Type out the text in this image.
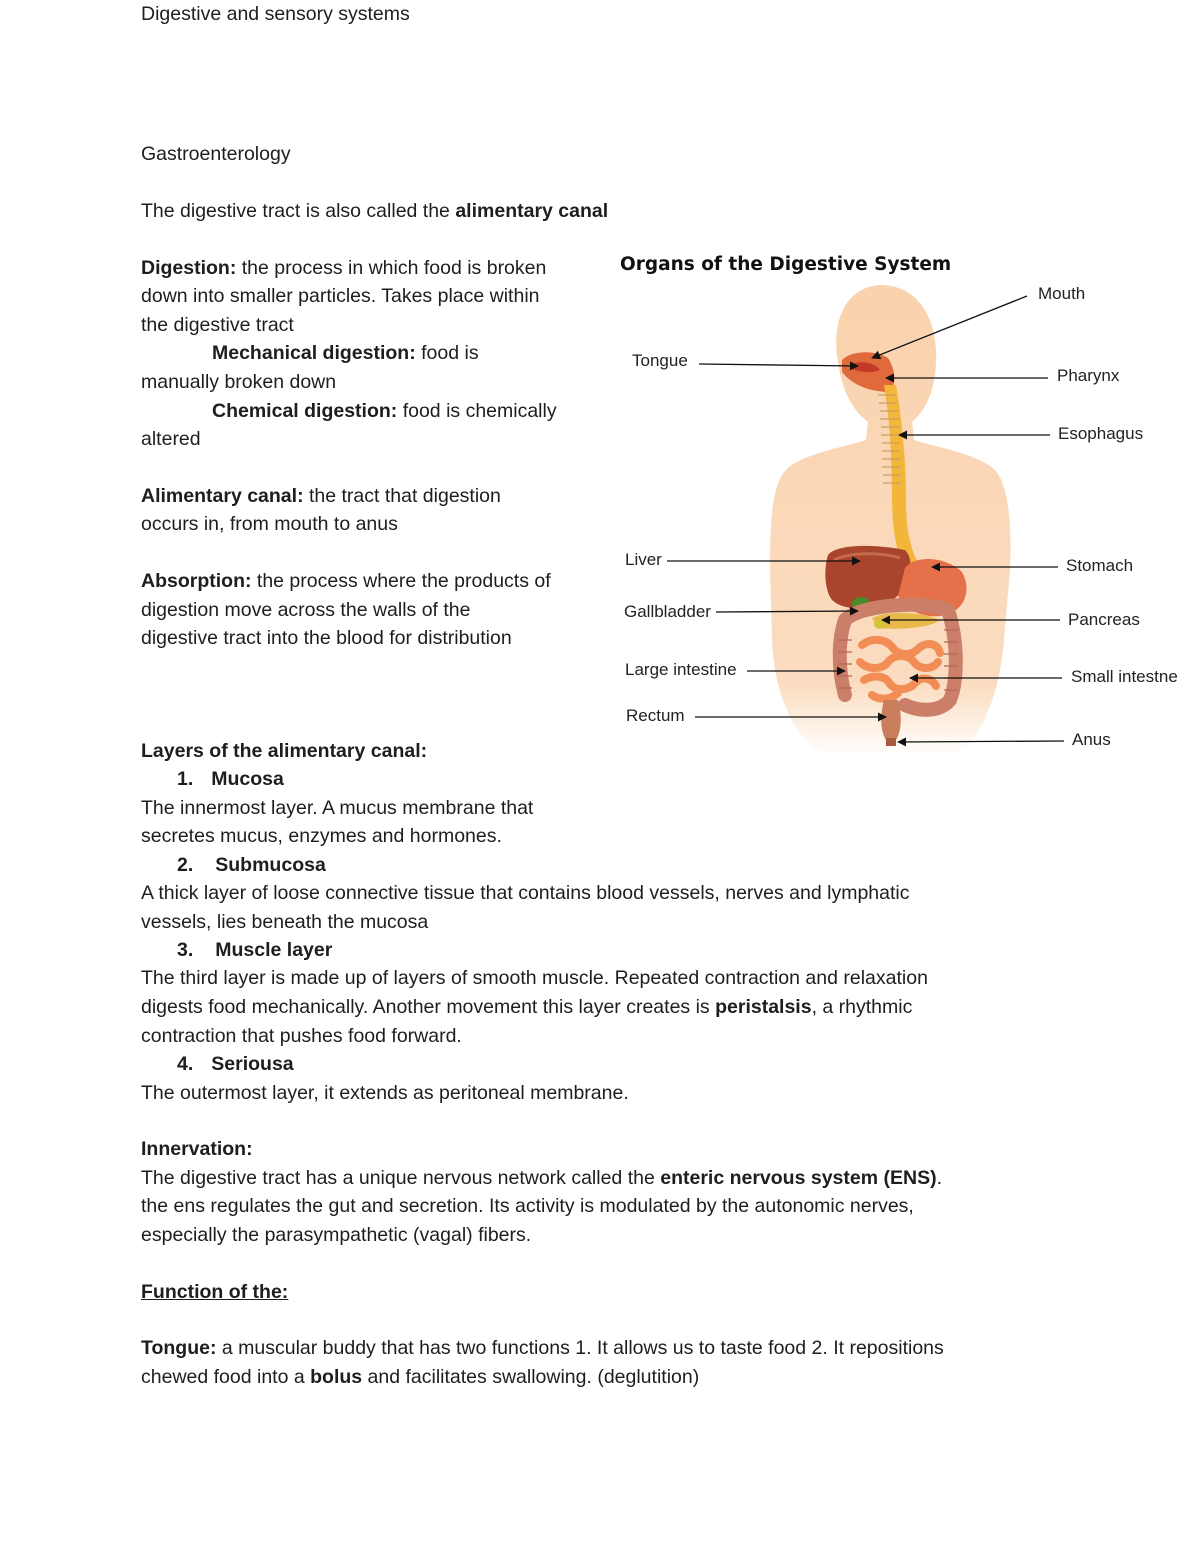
Digestive and sensory systems
Gastroenterology
The digestive tract is also called the alimentary canal
Digestion: the process in which food is broken
down into smaller particles. Takes place within
the digestive tract
Mechanical digestion: food is
manually broken down
Chemical digestion: food is chemically
altered
Alimentary canal: the tract that digestion
occurs in, from mouth to anus
Absorption: the process where the products of
digestion move across the walls of the
digestive tract into the blood for distribution
Organs of the Digestive System
Mouth
Tongue
Pharynx
Esophagus
Liver	Stomach
Gallbladder	Pancreas
Large intestine	Small intestne
Rectum
Anus
Layers of the alimentary canal:
1. Mucosa
The innermost layer. A mucus membrane that
secretes mucus, enzymes and hormones.
2. Submucosa
A thick layer of loose connective tissue that contains blood vessels, nerves and lymphatic
vessels, lies beneath the mucosa
3. Muscle layer
The third layer is made up of layers of smooth muscle. Repeated contraction and relaxation
digests food mechanically. Another movement this layer creates is peristalsis, a rhythmic
contraction that pushes food forward.
4. Seriousa
The outermost layer, it extends as peritoneal membrane.
Innervation:
The digestive tract has a unique nervous network called the enteric nervous system (ENS).
the ens regulates the gut and secretion. Its activity is modulated by the autonomic nerves,
especially the parasympathetic (vagal) fibers.
Function of the:
Tongue: a muscular buddy that has two functions 1. It allows us to taste food 2. It repositions
chewed food into a bolus and facilitates swallowing. (deglutition)
